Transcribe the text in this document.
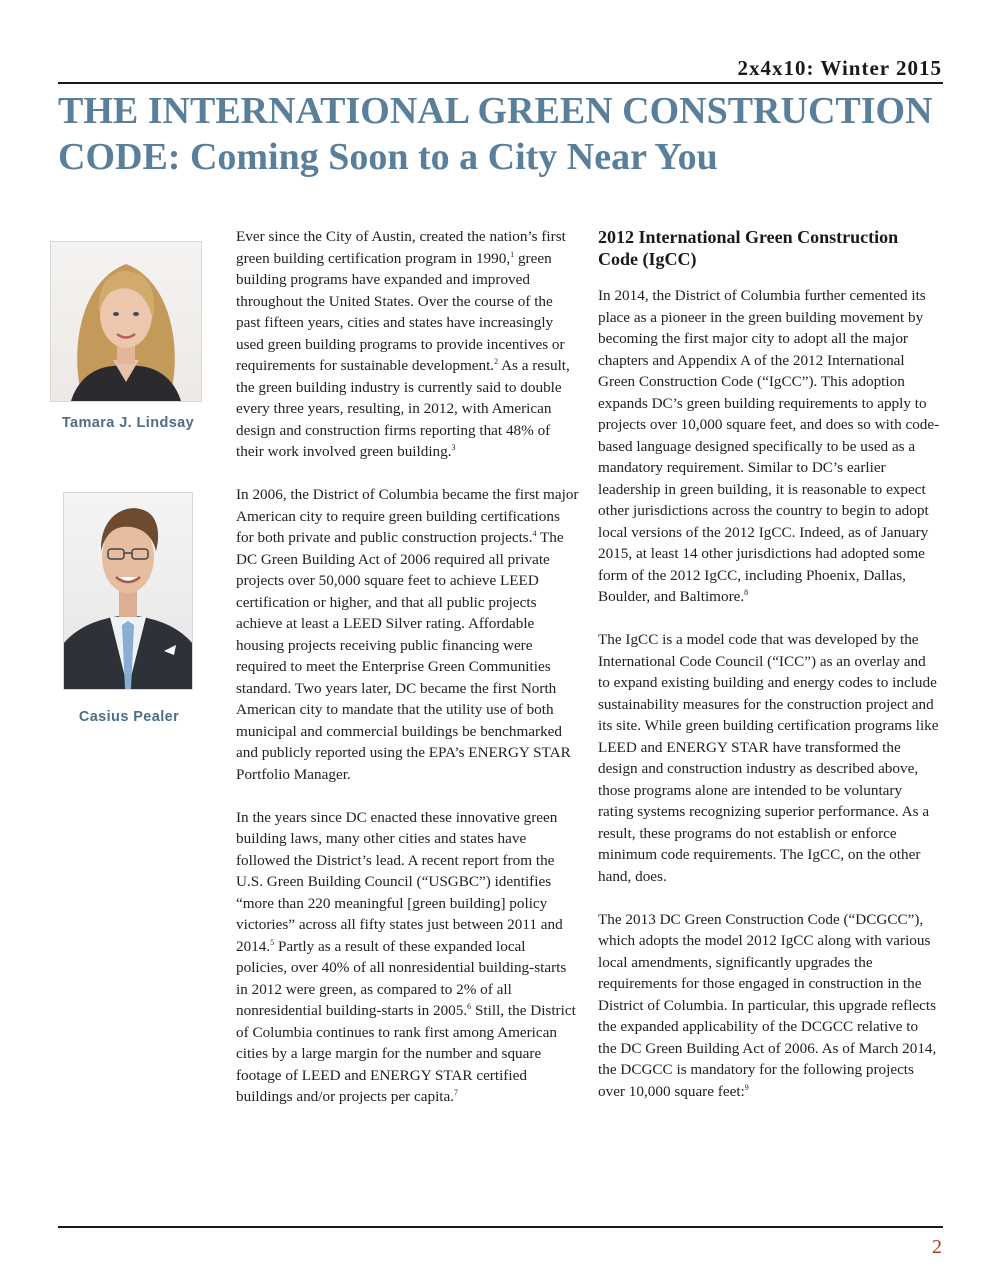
2x4x10: Winter 2015
THE INTERNATIONAL GREEN CONSTRUCTION CODE: Coming Soon to a City Near You
Tamara J. Lindsay
Casius Pealer

Ever since the City of Austin, created the nation’s first green building certification program in 1990,$^1$ green building programs have expanded and improved throughout the United States. Over the course of the past fifteen years, cities and states have increasingly used green building programs to provide incentives or requirements for sustainable development.$^2$ As a result, the green building industry is currently said to double every three years, resulting, in 2012, with American design and construction firms reporting that 48% of their work involved green building.$^3$

In 2006, the District of Columbia became the first major American city to require green building certifications for both private and public construction projects.$^4$ The DC Green Building Act of 2006 required all private projects over 50,000 square feet to achieve LEED certification or higher, and that all public projects achieve at least a LEED Silver rating. Affordable housing projects receiving public financing were required to meet the Enterprise Green Communities standard. Two years later, DC became the first North American city to mandate that the utility use of both municipal and commercial buildings be benchmarked and publicly reported using the EPA’s ENERGY STAR Portfolio Manager.

In the years since DC enacted these innovative green building laws, many other cities and states have followed the District’s lead. A recent report from the U.S. Green Building Council (“USGBC”) identifies “more than 220 meaningful [green building] policy victories” across all fifty states just between 2011 and 2014.$^5$ Partly as a result of these expanded local policies, over 40% of all nonresidential building-starts in 2012 were green, as compared to 2% of all nonresidential building-starts in 2005.$^6$ Still, the District of Columbia continues to rank first among American cities by a large margin for the number and square footage of LEED and ENERGY STAR certified buildings and/or projects per capita.$^7$

2012 International Green Construction Code (IgCC)

In 2014, the District of Columbia further cemented its place as a pioneer in the green building movement by becoming the first major city to adopt all the major chapters and Appendix A of the 2012 International Green Construction Code (“IgCC”). This adoption expands DC’s green building requirements to apply to projects over 10,000 square feet, and does so with code-based language designed specifically to be used as a mandatory requirement. Similar to DC’s earlier leadership in green building, it is reasonable to expect other jurisdictions across the country to begin to adopt local versions of the 2012 IgCC. Indeed, as of January 2015, at least 14 other jurisdictions had adopted some form of the 2012 IgCC, including Phoenix, Dallas, Boulder, and Baltimore.$^8$

The IgCC is a model code that was developed by the International Code Council (“ICC”) as an overlay and to expand existing building and energy codes to include sustainability measures for the construction project and its site. While green building certification programs like LEED and ENERGY STAR have transformed the design and construction industry as described above, those programs alone are intended to be voluntary rating systems recognizing superior performance. As a result, these programs do not establish or enforce minimum code requirements. The IgCC, on the other hand, does.

The 2013 DC Green Construction Code (“DCGCC”), which adopts the model 2012 IgCC along with various local amendments, significantly upgrades the requirements for those engaged in construction in the District of Columbia. In particular, this upgrade reflects the expanded applicability of the DCGCC relative to the DC Green Building Act of 2006. As of March 2014, the DCGCC is mandatory for the following projects over 10,000 square feet:$^9$

2
